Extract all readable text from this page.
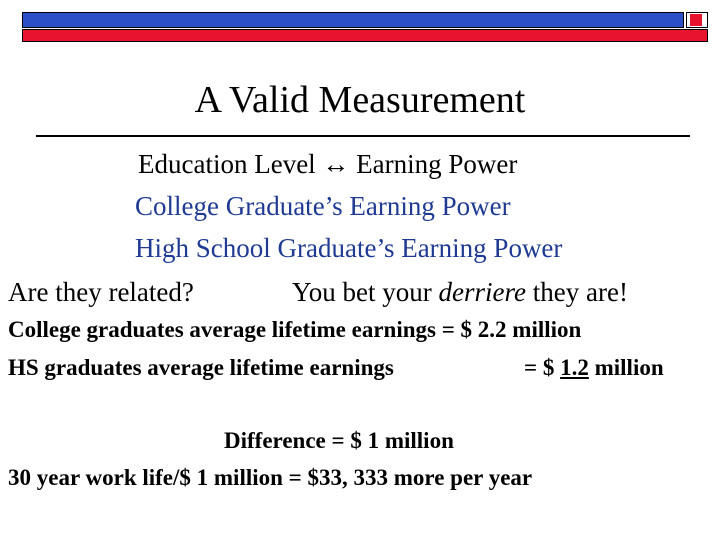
A Valid Measurement
Education Level ↔ Earning Power
College Graduate’s Earning Power
High School Graduate’s Earning Power
Are they related?	You bet your derriere they are!
College graduates average lifetime earnings = $ 2.2 million
HS graduates average lifetime earnings	= $ 1.2 million
Difference = $ 1 million
30 year work life/$ 1 million = $33, 333 more per year
